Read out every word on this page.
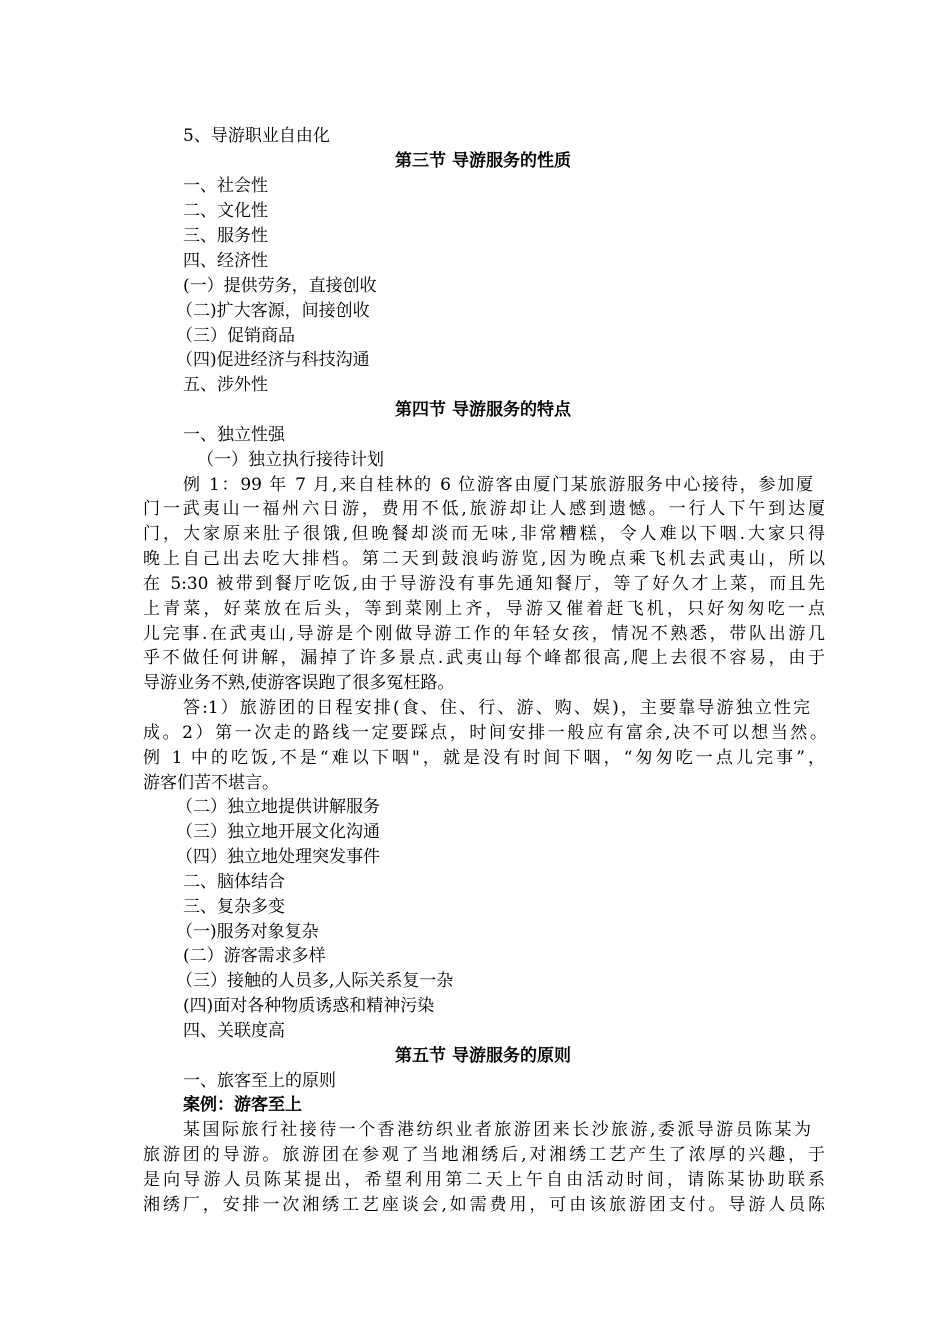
5、导游职业自由化
第三节 导游服务的性质
一、社会性
二、文化性
三、服务性
四、经济性
(一）提供劳务，直接创收
（二)扩大客源，间接创收
（三）促销商品
（四)促进经济与科技沟通
五、涉外性
第四节 导游服务的特点
一、独立性强
（一）独立执行接待计划
例 1：99 年 7 月,来自桂林的 6 位游客由厦门某旅游服务中心接待，参加厦
门一武夷山一福州六日游，费用不低,旅游却让人感到遗憾。一行人下午到达厦
门，大家原来肚子很饿,但晚餐却淡而无味,非常糟糕，令人难以下咽.大家只得
晚上自己出去吃大排档。第二天到鼓浪屿游览,因为晚点乘飞机去武夷山，所以
在 5:30 被带到餐厅吃饭,由于导游没有事先通知餐厅，等了好久才上菜，而且先
上青菜，好菜放在后头，等到菜刚上齐，导游又催着赶飞机，只好匆匆吃一点
儿完事.在武夷山,导游是个刚做导游工作的年轻女孩，情况不熟悉，带队出游几
乎不做任何讲解，漏掉了许多景点.武夷山每个峰都很高,爬上去很不容易，由于
导游业务不熟,使游客误跑了很多冤枉路。
答:1）旅游团的日程安排(食、住、行、游、购、娱)，主要靠导游独立性完
成。2）第一次走的路线一定要踩点，时间安排一般应有富余,决不可以想当然。
例 1 中的吃饭,不是“难以下咽"，就是没有时间下咽，“匆匆吃一点儿完事”，
游客们苦不堪言。
（二）独立地提供讲解服务
（三）独立地开展文化沟通
（四）独立地处理突发事件
二、脑体结合
三、复杂多变
（一)服务对象复杂
(二）游客需求多样
（三）接触的人员多,人际关系复一杂
(四)面对各种物质诱惑和精神污染
四、关联度高
第五节 导游服务的原则
一、旅客至上的原则
案例：游客至上
某国际旅行社接待一个香港纺织业者旅游团来长沙旅游,委派导游员陈某为
旅游团的导游。旅游团在参观了当地湘绣后,对湘绣工艺产生了浓厚的兴趣，于
是向导游人员陈某提出，希望利用第二天上午自由活动时间，请陈某协助联系
湘绣厂，安排一次湘绣工艺座谈会,如需费用，可由该旅游团支付。导游人员陈
